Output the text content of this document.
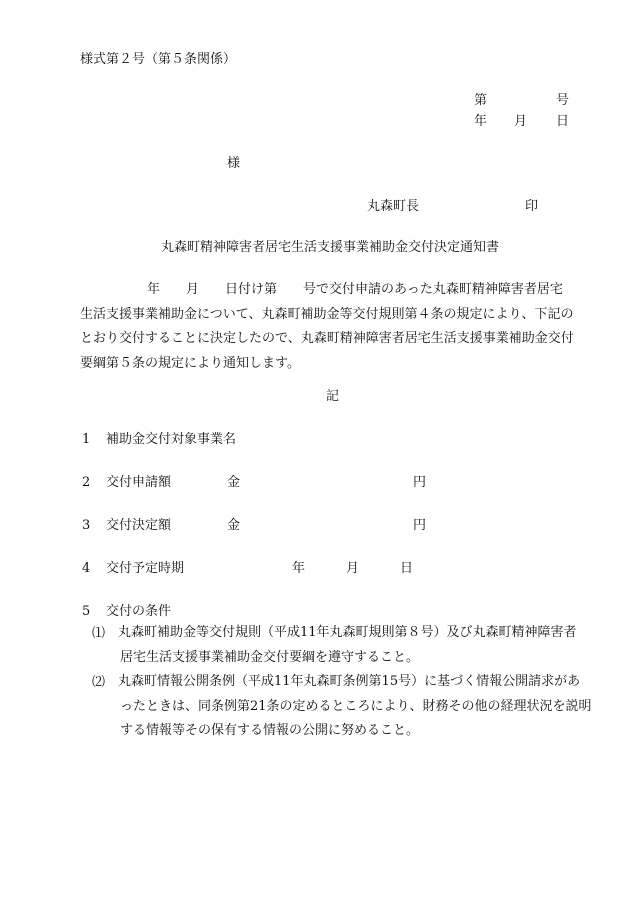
様式第２号（第５条関係）
第	号
年 月 日
様
丸森町長	印
丸森町精神障害者居宅生活支援事業補助金交付決定通知書
年　　月　　日付け第　　号で交付申請のあった丸森町精神障害者居宅
生活支援事業補助金について、丸森町補助金等交付規則第４条の規定により、下記の
とおり交付することに決定したので、丸森町精神障害者居宅生活支援事業補助金交付
要綱第５条の規定により通知します。
記
1 補助金交付対象事業名
2 交付申請額	金	円
3 交付決定額	金	円
4 交付予定時期	年	月	日
5 交付の条件
⑴ 丸森町補助金等交付規則（平成11年丸森町規則第８号）及び丸森町精神障害者
居宅生活支援事業補助金交付要綱を遵守すること。
⑵ 丸森町情報公開条例（平成11年丸森町条例第15号）に基づく情報公開請求があ
ったときは、同条例第21条の定めるところにより、財務その他の経理状況を説明
する情報等その保有する情報の公開に努めること。
